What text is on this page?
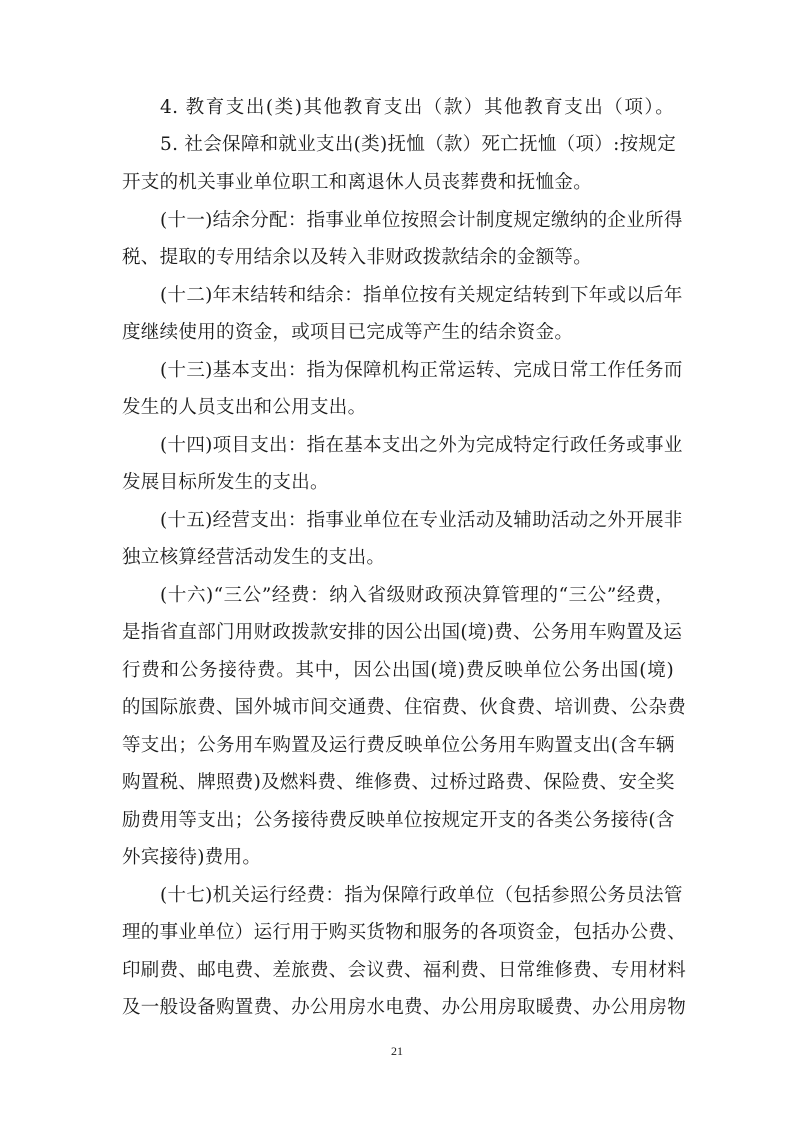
4. 教育支出(类)其他教育支出（款）其他教育支出（项）。

5. 社会保障和就业支出(类)抚恤（款）死亡抚恤（项）:按规定

开支的机关事业单位职工和离退休人员丧葬费和抚恤金。

(十一)结余分配：指事业单位按照会计制度规定缴纳的企业所得

税、提取的专用结余以及转入非财政拨款结余的金额等。

(十二)年末结转和结余：指单位按有关规定结转到下年或以后年

度继续使用的资金，或项目已完成等产生的结余资金。

(十三)基本支出：指为保障机构正常运转、完成日常工作任务而

发生的人员支出和公用支出。

(十四)项目支出：指在基本支出之外为完成特定行政任务或事业

发展目标所发生的支出。

(十五)经营支出：指事业单位在专业活动及辅助活动之外开展非

独立核算经营活动发生的支出。

(十六)“三公”经费：纳入省级财政预决算管理的“三公”经费，

是指省直部门用财政拨款安排的因公出国(境)费、公务用车购置及运

行费和公务接待费。其中，因公出国(境)费反映单位公务出国(境)

的国际旅费、国外城市间交通费、住宿费、伙食费、培训费、公杂费

等支出；公务用车购置及运行费反映单位公务用车购置支出(含车辆

购置税、牌照费)及燃料费、维修费、过桥过路费、保险费、安全奖

励费用等支出；公务接待费反映单位按规定开支的各类公务接待(含

外宾接待)费用。

(十七)机关运行经费：指为保障行政单位（包括参照公务员法管

理的事业单位）运行用于购买货物和服务的各项资金，包括办公费、

印刷费、邮电费、差旅费、会议费、福利费、日常维修费、专用材料

及一般设备购置费、办公用房水电费、办公用房取暖费、办公用房物

21
